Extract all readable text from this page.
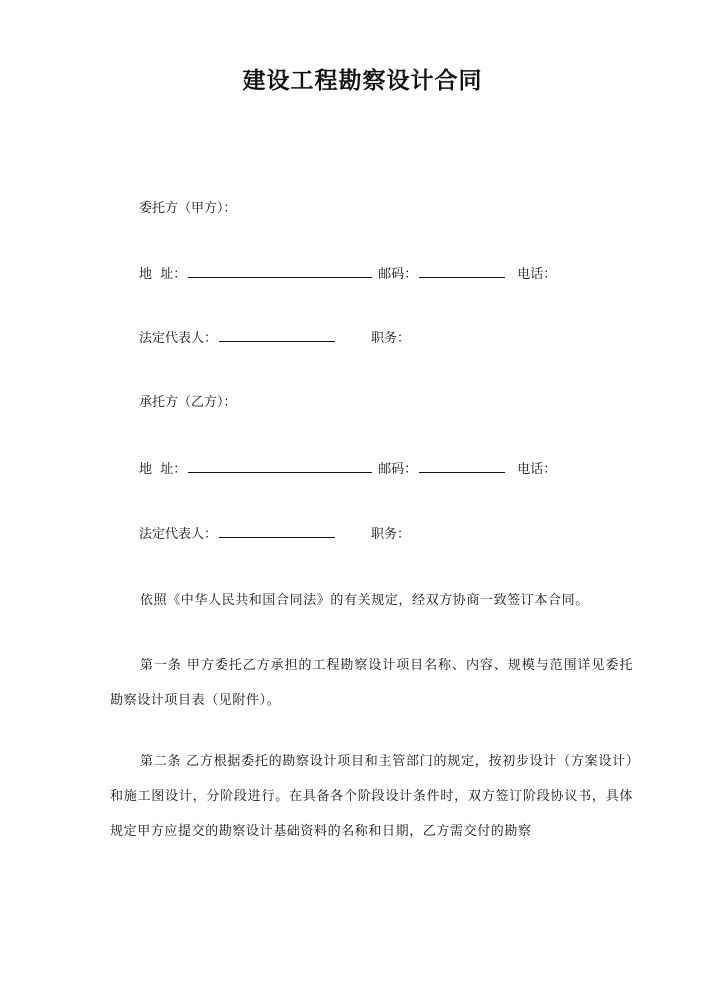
建设工程勘察设计合同
委托方（甲方）：
地  址：	邮码：	电话：
法定代表人：	职务：
承托方（乙方）：
地  址：	邮码：	电话：
法定代表人：	职务：
依照《中华人民共和国合同法》的有关规定，经双方协商一致签订本合同。
第一条 甲方委托乙方承担的工程勘察设计项目名称、内容、规模与范围详见委托勘察设计项目表（见附件）。
第二条 乙方根据委托的勘察设计项目和主管部门的规定，按初步设计（方案设计）和施工图设计，分阶段进行。在具备各个阶段设计条件时，双方签订阶段协议书，具体规定甲方应提交的勘察设计基础资料的名称和日期，乙方需交付的勘察
